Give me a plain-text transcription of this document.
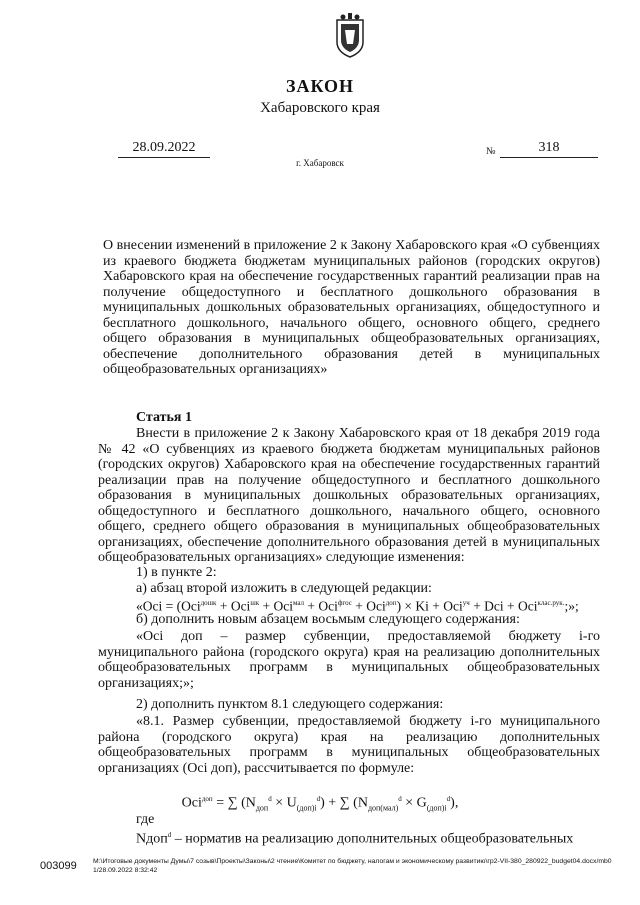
ЗАКОН
Хабаровского края
28.09.2022	№	318
г. Хабаровск
О внесении изменений в приложение 2 к Закону Хабаровского края «О субвенциях из краевого бюджета бюджетам муниципальных районов (городских округов) Хабаровского края на обеспечение государственных гарантий реализации прав на получение общедоступного и бесплатного дошкольного образования в муниципальных дошкольных образовательных организациях, общедоступного и бесплатного дошкольного, начального общего, основного общего, среднего общего образования в муниципальных общеобразовательных организациях, обеспечение дополнительного образования детей в муниципальных общеобразовательных организациях»
Статья 1
Внести в приложение 2 к Закону Хабаровского края от 18 декабря 2019 года № 42 «О субвенциях из краевого бюджета бюджетам муниципальных районов (городских округов) Хабаровского края на обеспечение государственных гарантий реализации прав на получение общедоступного и бесплатного дошкольного образования в муниципальных дошкольных образовательных организациях, общедоступного и бесплатного дошкольного, начального общего, основного общего, среднего общего образования в муниципальных общеобразовательных организациях, обеспечение дополнительного образования детей в муниципальных общеобразовательных организациях» следующие изменения:
1) в пункте 2:
а) абзац второй изложить в следующей редакции:
«Oci = (Oci$^{дошк}$ + Oci$^{шк}$ + Oci$^{мал}$ + Oci$^{фгос}$ + Oci$^{доп}$) × Ki + Oci$^{уч}$ + Dci + Oci$^{клас.рук.}$;»;
б) дополнить новым абзацем восьмым следующего содержания:
«Oci доп – размер субвенции, предоставляемой бюджету i-го муниципального района (городского округа) края на реализацию дополнительных общеобразовательных программ в муниципальных общеобразовательных организациях;»;
2) дополнить пунктом 8.1 следующего содержания:
«8.1. Размер субвенции, предоставляемой бюджету i-го муниципального района (городского округа) края на реализацию дополнительных общеобразовательных программ в муниципальных общеобразовательных организациях (Oci доп), рассчитывается по формуле:
Oci$^{доп}$ = ∑ $(N_{доп}^d \times U_{(доп)i}^d)$ + ∑ $(N_{доп(мал)}^d \times G_{(доп)i}^d)$,
где
Nдоп$^d$ – норматив на реализацию дополнительных общеобразовательных
003099 M:\Итоговые документы Думы\7 созыв\Проекты\Законы\2 чтение\Комитет по бюджету, налогам и экономическому развитию\гр2-VII-380_280922_budget04.docx/mb01/28.09.2022 8:32:42
